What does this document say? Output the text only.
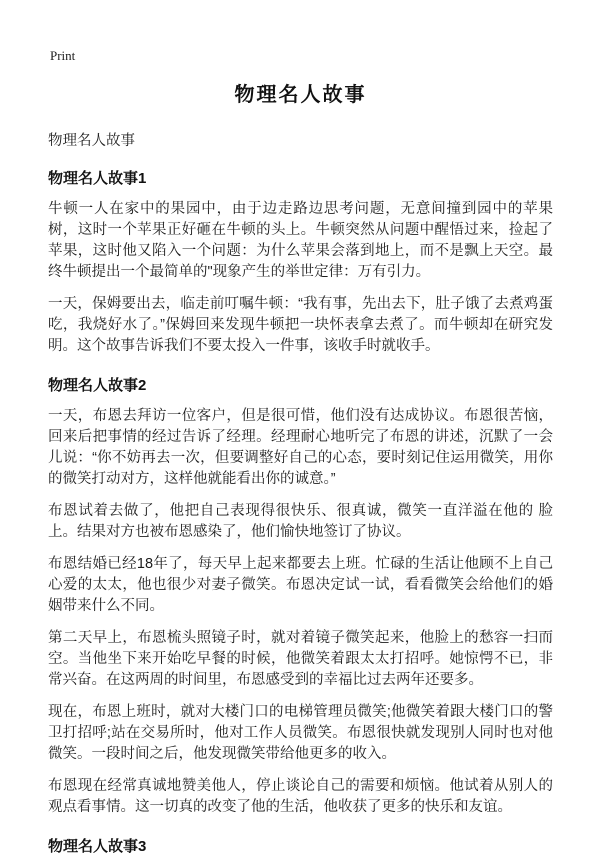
Print
物理名人故事

物理名人故事

物理名人故事1

牛顿一人在家中的果园中，由于边走路边思考问题，无意间撞到园中的苹果树，这时一个苹果正好砸在牛顿的头上。牛顿突然从问题中醒悟过来，捡起了苹果，这时他又陷入一个问题：为什么苹果会落到地上，而不是飘上天空。最终牛顿提出一个最简单的"现象产生的举世定律：万有引力。

一天，保姆要出去，临走前叮嘱牛顿：“我有事，先出去下，肚子饿了去煮鸡蛋吃，我烧好水了。”保姆回来发现牛顿把一块怀表拿去煮了。而牛顿却在研究发明。这个故事告诉我们不要太投入一件事，该收手时就收手。

物理名人故事2

一天，布恩去拜访一位客户，但是很可惜，他们没有达成协议。布恩很苦恼，回来后把事情的经过告诉了经理。经理耐心地听完了布恩的讲述，沉默了一会儿说：“你不妨再去一次，但要调整好自己的心态，要时刻记住运用微笑，用你的微笑打动对方，这样他就能看出你的诚意。”

布恩试着去做了，他把自己表现得很快乐、很真诚，微笑一直洋溢在他的 脸上。结果对方也被布恩感染了，他们愉快地签订了协议。

布恩结婚已经18年了，每天早上起来都要去上班。忙碌的生活让他顾不上自己心爱的太太，他也很少对妻子微笑。布恩决定试一试，看看微笑会给他们的婚姻带来什么不同。

第二天早上，布恩梳头照镜子时，就对着镜子微笑起来，他脸上的愁容一扫而空。当他坐下来开始吃早餐的时候，他微笑着跟太太打招呼。她惊愕不已，非常兴奋。在这两周的时间里，布恩感受到的幸福比过去两年还要多。

现在，布恩上班时，就对大楼门口的电梯管理员微笑;他微笑着跟大楼门口的警卫打招呼;站在交易所时，他对工作人员微笑。布恩很快就发现别人同时也对他微笑。一段时间之后，他发现微笑带给他更多的收入。

布恩现在经常真诚地赞美他人，停止谈论自己的需要和烦恼。他试着从别人的观点看事情。这一切真的改变了他的生活，他收获了更多的快乐和友谊。

物理名人故事3
